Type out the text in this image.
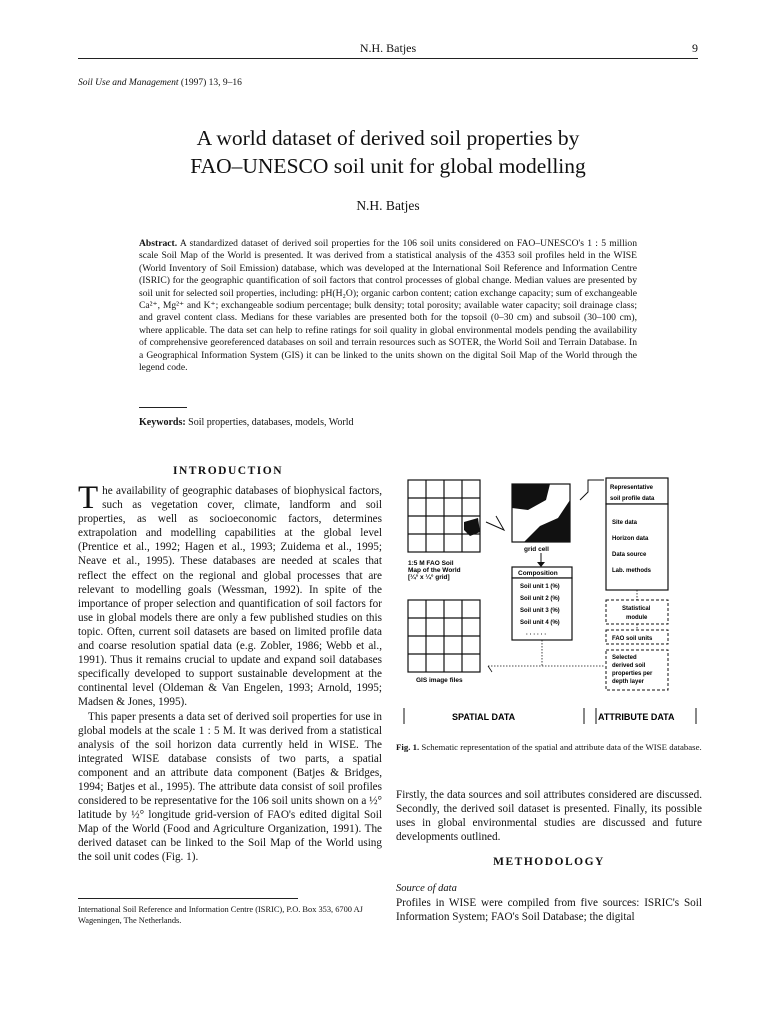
N.H. Batjes	9
Soil Use and Management (1997) 13, 9–16
A world dataset of derived soil properties by
FAO–UNESCO soil unit for global modelling
N.H. Batjes
Abstract. A standardized dataset of derived soil properties for the 106 soil units considered on FAO–UNESCO's 1 : 5 million scale Soil Map of the World is presented. It was derived from a statistical analysis of the 4353 soil profiles held in the WISE (World Inventory of Soil Emission) database, which was developed at the International Soil Reference and Information Centre (ISRIC) for the geographic quantification of soil factors that control processes of global change. Median values are presented by soil unit for selected soil properties, including: pH(H₂O); organic carbon content; cation exchange capacity; sum of exchangeable Ca²⁺, Mg²⁺ and K⁺; exchangeable sodium percentage; bulk density; total porosity; available water capacity; soil drainage class; and gravel content class. Medians for these variables are presented both for the topsoil (0–30 cm) and subsoil (30–100 cm), where applicable. The data set can help to refine ratings for soil quality in global environmental models pending the availability of comprehensive georeferenced databases on soil and terrain resources such as SOTER, the World Soil and Terrain Database. In a Geographical Information System (GIS) it can be linked to the units shown on the digital Soil Map of the World through the legend code.
Keywords: Soil properties, databases, models, World
INTRODUCTION

The availability of geographic databases of biophysical factors, such as vegetation cover, climate, landform and soil properties, as well as socioeconomic factors, determines extrapolation and modelling capabilities at the global level (Prentice et al., 1992; Hagen et al., 1993; Zuidema et al., 1995; Neave et al., 1995). These databases are needed at scales that reflect the effect on the regional and global processes that are relevant to modelling goals (Wessman, 1992). In spite of the importance of proper selection and quantification of soil factors for use in global models there are only a few published studies on this topic. Often, current soil datasets are based on limited profile data and coarse resolution spatial data (e.g. Zobler, 1986; Webb et al., 1991). Thus it remains crucial to update and expand soil databases specifically developed to support sustainable development at the continental level (Oldeman & Van Engelen, 1993; Arnold, 1995; Madsen & Jones, 1995).

This paper presents a data set of derived soil properties for use in global models at the scale 1 : 5 M. It was derived from a statistical analysis of the soil horizon data currently held in WISE. The integrated WISE database consists of two parts, a spatial component and an attribute data component (Batjes & Bridges, 1994; Batjes et al., 1995). The attribute data consist of soil profiles considered to be representative for the 106 soil units shown on a ½° latitude by ½° longitude grid-version of FAO's edited digital Soil Map of the World (Food and Agriculture Organization, 1991). The derived dataset can be linked to the Soil Map of the World using the soil unit codes (Fig. 1).

International Soil Reference and Information Centre (ISRIC), P.O. Box 353, 6700 AJ Wageningen, The Netherlands.
1:5 M FAO Soil
Map of the World
[¼° x ¼° grid]
grid cell
Composition
Soil unit 1 (%)
Soil unit 2 (%)
Soil unit 3 (%)
Soil unit 4 (%)
· · · · · ·
GIS image files
Representative
soil profile data
Site data
Horizon data
Data source
Lab. methods
Statistical
module
FAO soil units
Selected
derived soil
properties per
depth layer
SPATIAL DATA	ATTRIBUTE DATA
Fig. 1. Schematic representation of the spatial and attribute data of the WISE database.
Firstly, the data sources and soil attributes considered are discussed. Secondly, the derived soil dataset is presented. Finally, its possible uses in global environmental studies are discussed and future developments outlined.
METHODOLOGY
Source of data
Profiles in WISE were compiled from five sources: ISRIC's Soil Information System; FAO's Soil Database; the digital
